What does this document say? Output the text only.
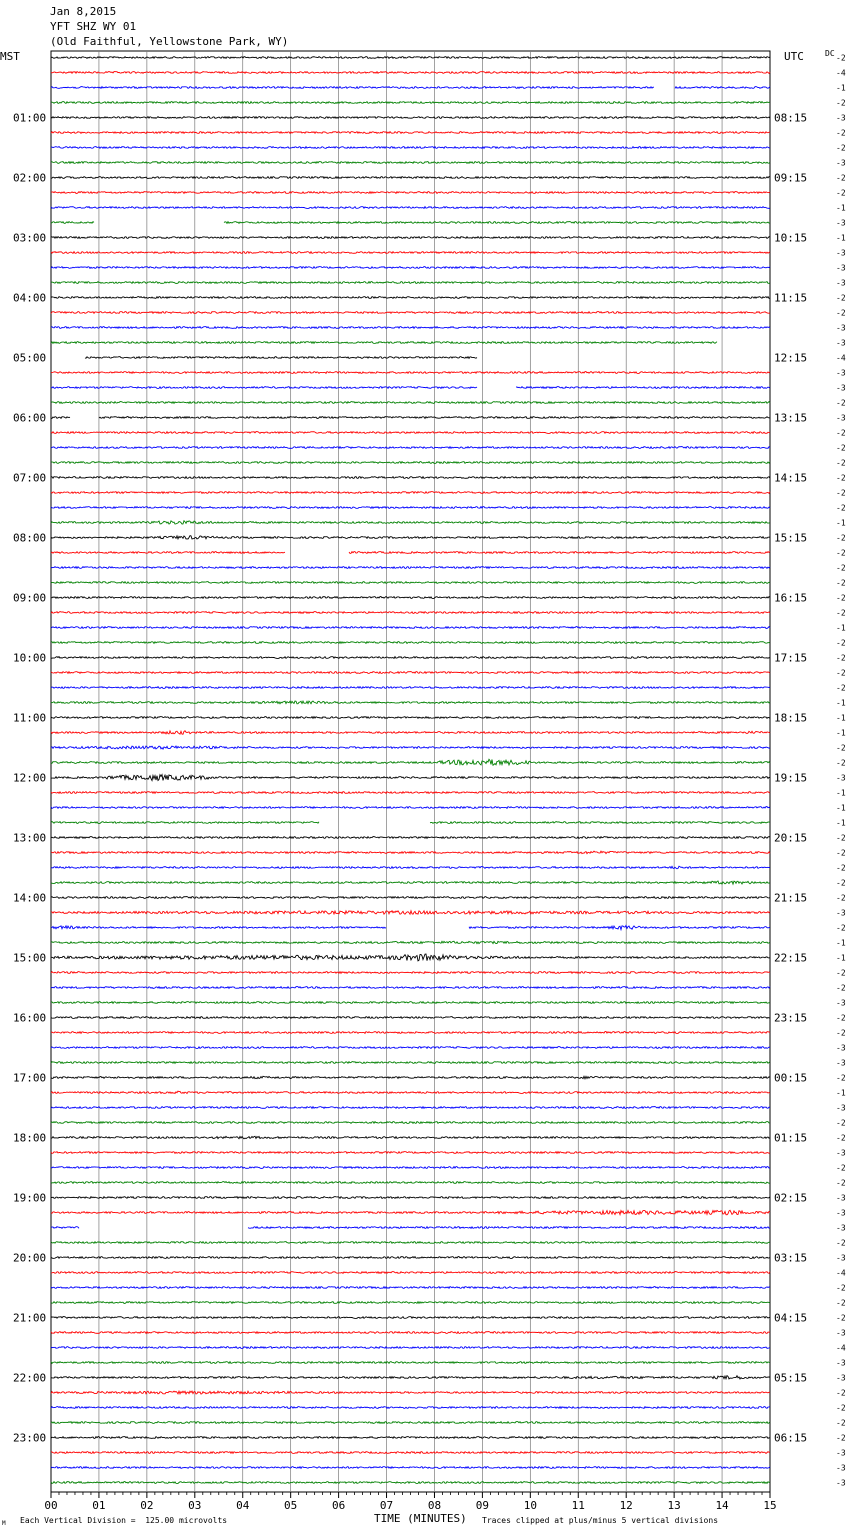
Jan 8,2015
YFT SHZ WY 01
(Old Faithful, Yellowstone Park, WY)
MST	UTC	DC -2
-4
-1
-2
-3
-2
-2
-3
-2
-2
-1
-3
-1
-3
-3
-3
-2
-2
-3
-3
-4
-3
-3
-2
-3
-2
-2
-2
-2
-2
-2
-1
-2
-2
-2
-2
-2
-2
-1
-2
-2
-2
-2
-1
-1
-1
-2
-2
-3
-1
-1
-1
-2
-2
-2
-2
-2
-3
-2
-1
-1
-2
-2
-3
-2
-2
-3
-3
-2
-1
-3
-2
-2
-3
-2
-2
-3
-3
-3
-2
-3
-4
-2
-2
-2
-3
-4
-3
-3
-2
-2
-2
-2
-3
-3
-3
01:00
02:00
03:00
04:00
05:00
06:00
07:00
08:00
09:00
10:00
11:00
12:00
13:00
14:00
15:00
16:00
17:00
18:00
19:00
20:00
21:00
22:00
23:00
08:15
09:15
10:15
11:15
12:15
13:15
14:15
15:15
16:15
17:15
18:15
19:15
20:15
21:15
22:15
23:15
00:15
01:15
02:15
03:15
04:15
05:15
06:15
00	01	02	03	04	05	06	07	08	09	10	11	12	13	14	15
M Each Vertical Division =  125.00 microvolts	TIME (MINUTES) Traces clipped at plus/minus 5 vertical divisions
